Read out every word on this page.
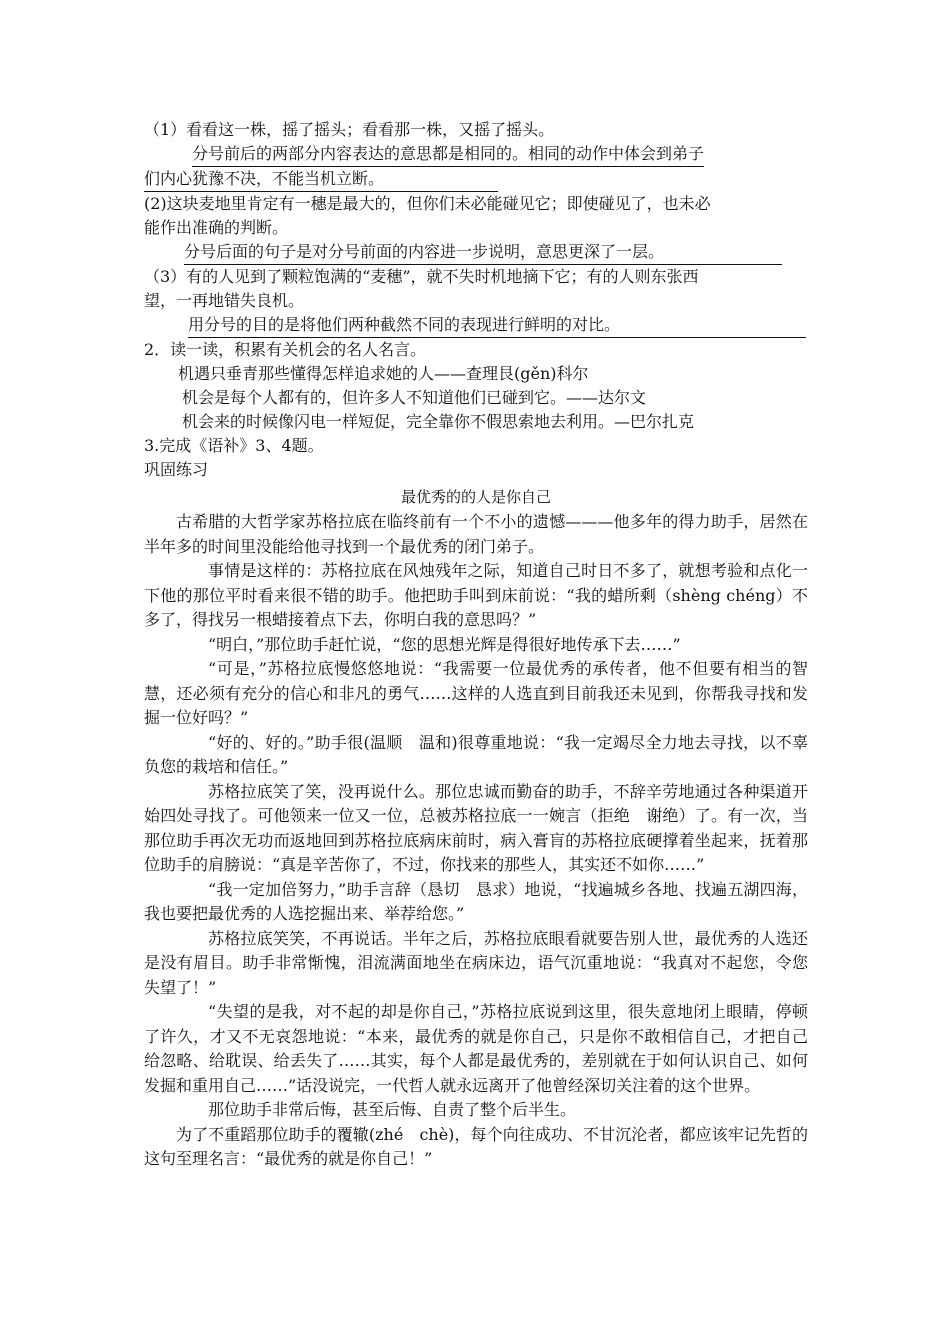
（1）看看这一株，摇了摇头；看看那一株，又摇了摇头。
分号前后的两部分内容表达的意思都是相同的。相同的动作中体会到弟子
们内心犹豫不决，不能当机立断。
(2)这块麦地里肯定有一穗是最大的，但你们未必能碰见它；即使碰见了，也未必
能作出准确的判断。
分号后面的句子是对分号前面的内容进一步说明，意思更深了一层。
（3）有的人见到了颗粒饱满的“麦穗”，就不失时机地摘下它；有的人则东张西
望，一再地错失良机。
用分号的目的是将他们两种截然不同的表现进行鲜明的对比。
2．读一读，积累有关机会的名人名言。
机遇只垂青那些懂得怎样追求她的人——查理艮(gěn)科尔
机会是每个人都有的，但许多人不知道他们已碰到它。——达尔文
机会来的时候像闪电一样短促，完全靠你不假思索地去利用。—巴尔扎克
3.完成《语补》3、4题。
巩固练习
最优秀的的人是你自己

古希腊的大哲学家苏格拉底在临终前有一个不小的遗憾———他多年的得力助手，居然在半年多的时间里没能给他寻找到一个最优秀的闭门弟子。

事情是这样的：苏格拉底在风烛残年之际，知道自己时日不多了，就想考验和点化一下他的那位平时看来很不错的助手。他把助手叫到床前说：“我的蜡所剩（shèng chéng）不多了，得找另一根蜡接着点下去，你明白我的意思吗？”

“明白，”那位助手赶忙说，“您的思想光辉是得很好地传承下去……”

“可是，”苏格拉底慢悠悠地说：“我需要一位最优秀的承传者，他不但要有相当的智慧，还必须有充分的信心和非凡的勇气……这样的人选直到目前我还未见到，你帮我寻找和发掘一位好吗？”

“好的、好的。”助手很(温顺　温和)很尊重地说：“我一定竭尽全力地去寻找，以不辜负您的栽培和信任。”

苏格拉底笑了笑，没再说什么。那位忠诚而勤奋的助手，不辞辛劳地通过各种渠道开始四处寻找了。可他领来一位又一位，总被苏格拉底一一婉言（拒绝　谢绝）了。有一次，当那位助手再次无功而返地回到苏格拉底病床前时，病入膏肓的苏格拉底硬撑着坐起来，抚着那位助手的肩膀说：“真是辛苦你了，不过，你找来的那些人，其实还不如你……”

“我一定加倍努力，”助手言辞（恳切　恳求）地说，“找遍城乡各地、找遍五湖四海，我也要把最优秀的人选挖掘出来、举荐给您。”

苏格拉底笑笑，不再说话。半年之后，苏格拉底眼看就要告别人世，最优秀的人选还是没有眉目。助手非常惭愧，泪流满面地坐在病床边，语气沉重地说：“我真对不起您，令您失望了！”

“失望的是我，对不起的却是你自己，”苏格拉底说到这里，很失意地闭上眼睛，停顿了许久，才又不无哀怨地说：“本来，最优秀的就是你自己，只是你不敢相信自己，才把自己给忽略、给耽误、给丢失了……其实，每个人都是最优秀的，差别就在于如何认识自己、如何发掘和重用自己……”话没说完，一代哲人就永远离开了他曾经深切关注着的这个世界。

那位助手非常后悔，甚至后悔、自责了整个后半生。

为了不重蹈那位助手的覆辙(zhé　chè)，每个向往成功、不甘沉沦者，都应该牢记先哲的这句至理名言：“最优秀的就是你自己！”
